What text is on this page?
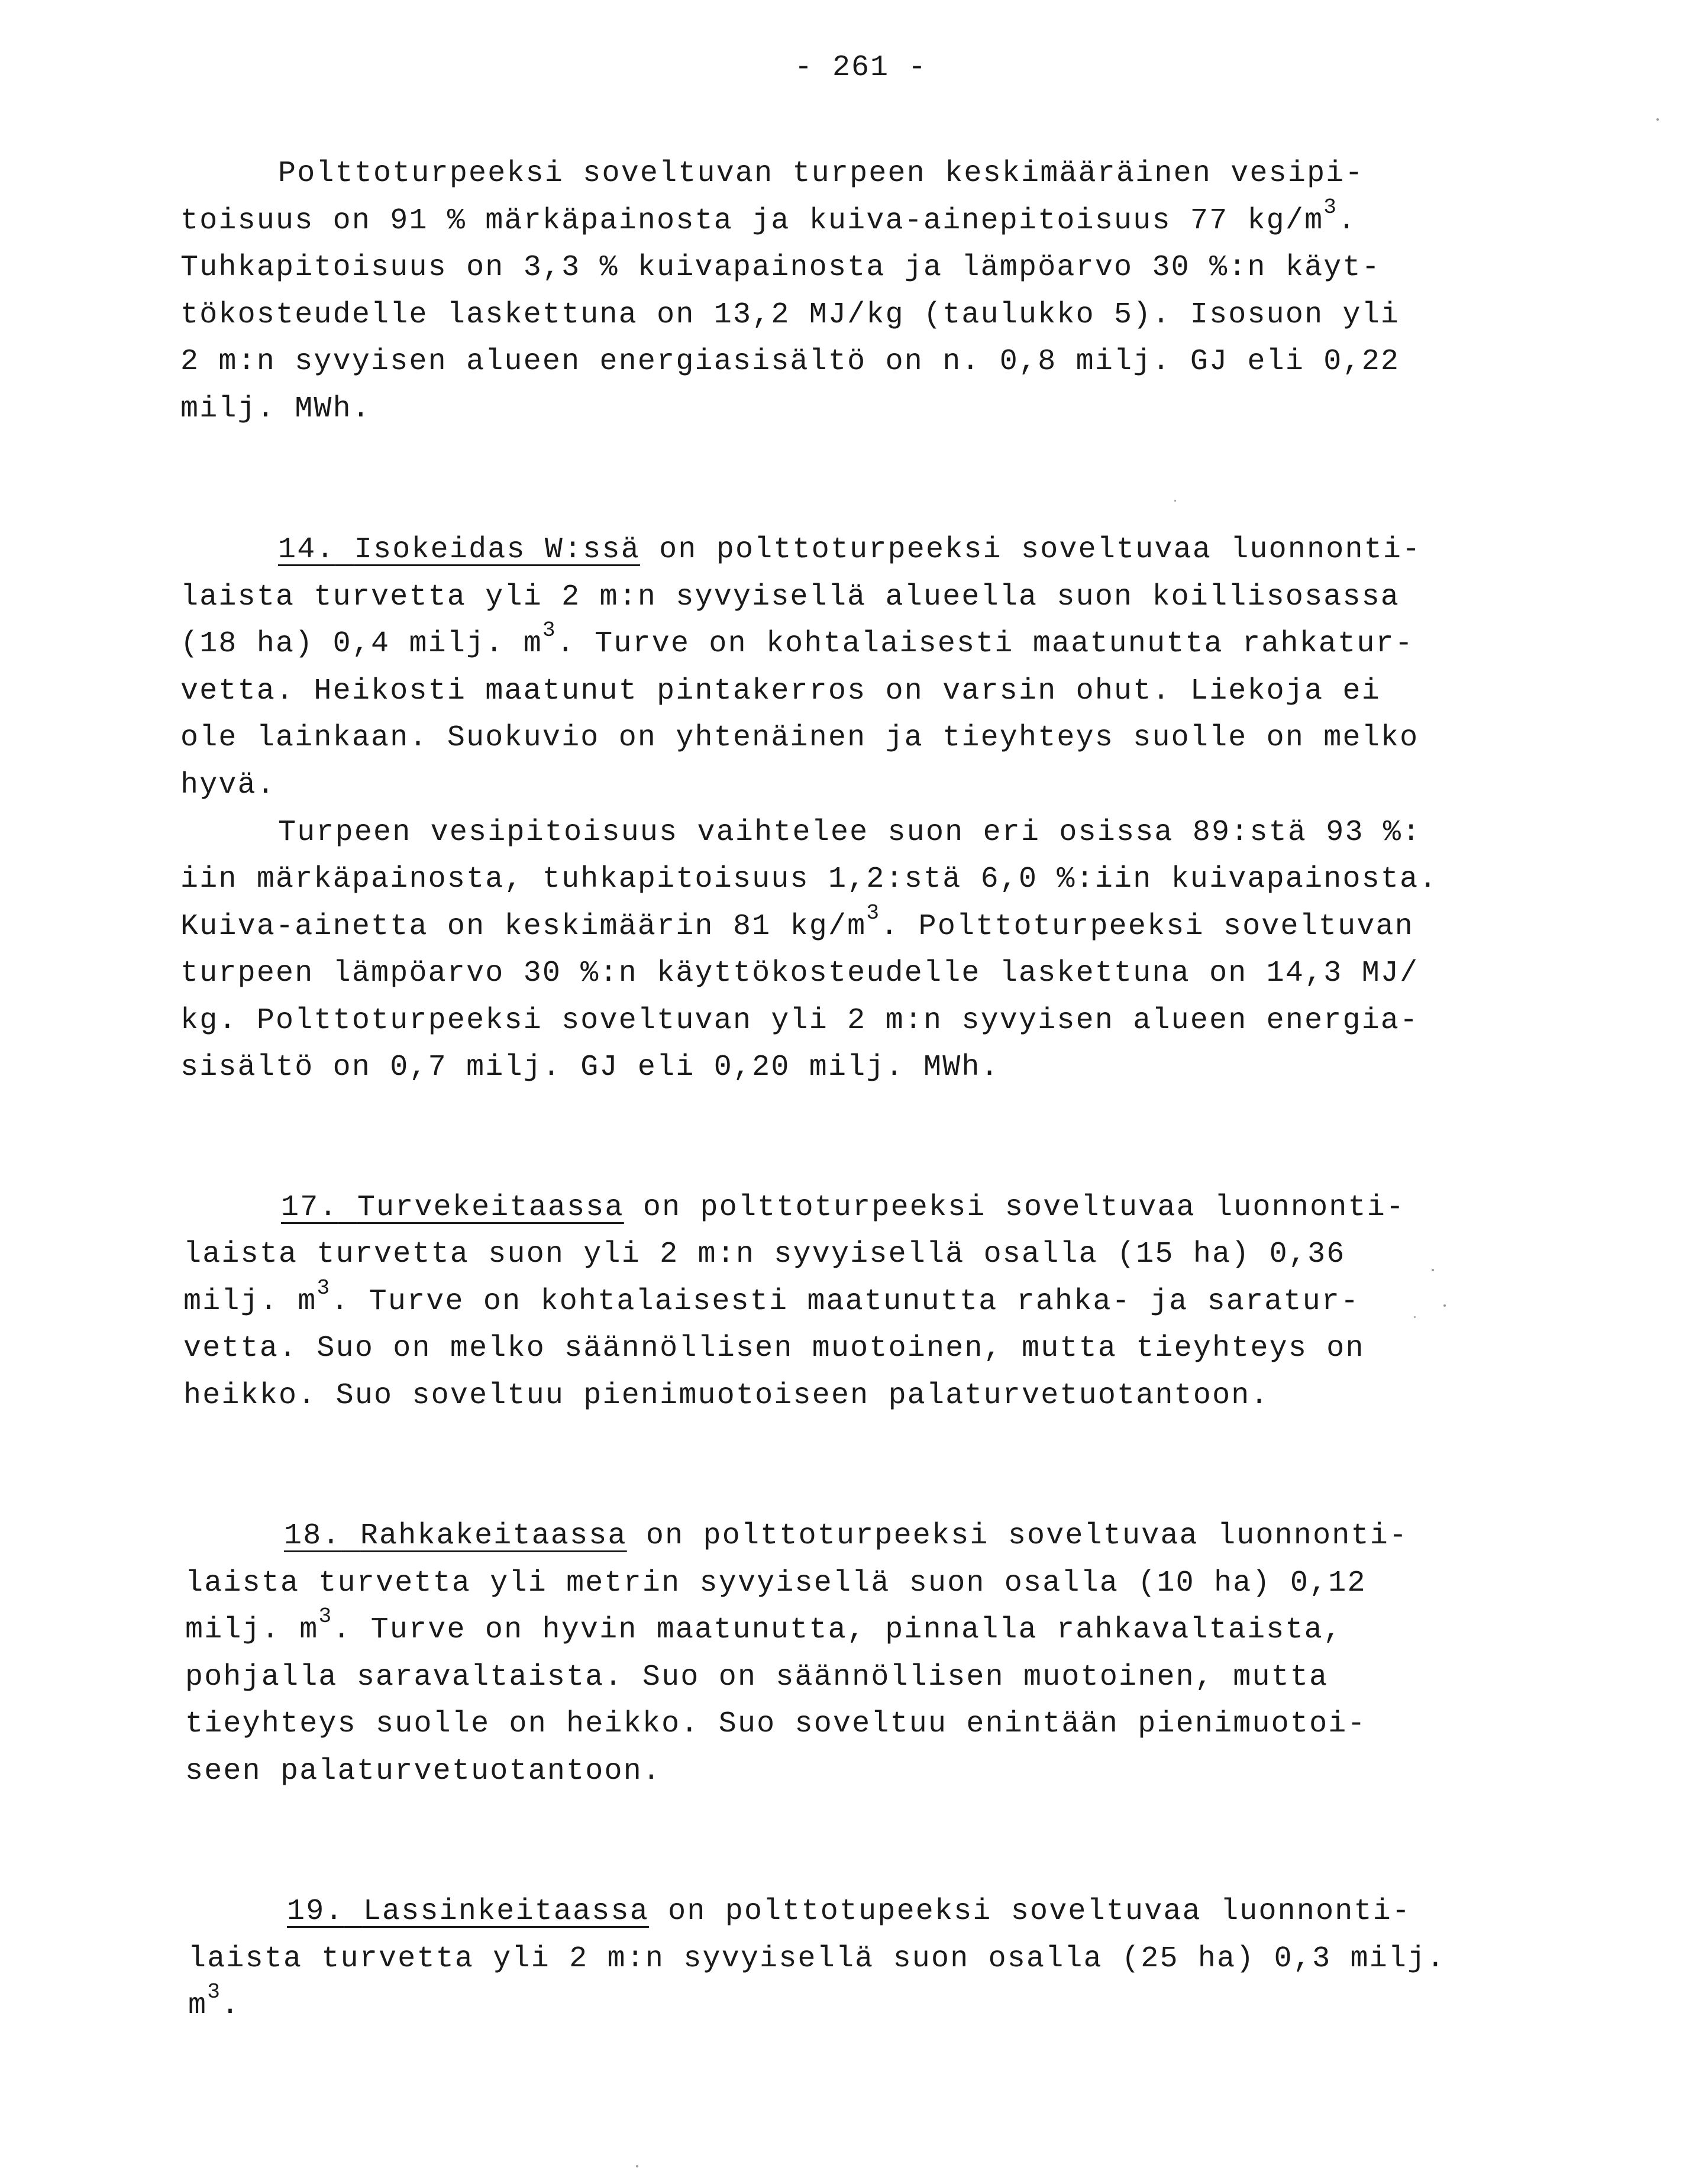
- 261 -
Polttoturpeeksi soveltuvan turpeen keskimääräinen vesipi-
toisuus on 91 % märkäpainosta ja kuiva-ainepitoisuus 77 $kg/m^3$.
Tuhkapitoisuus on 3,3 % kuivapainosta ja lämpöarvo 30 %:n käyt-
tökosteudelle laskettuna on 13,2 MJ/kg (taulukko 5). Isosuon yli
2 m:n syvyisen alueen energiasisältö on n. 0,8 milj. GJ eli 0,22
milj. MWh.
14. Isokeidas W:ssä on polttoturpeeksi soveltuvaa luonnonti-
laista turvetta yli 2 m:n syvyisellä alueella suon koillisosassa
(18 ha) 0,4 milj. $m^3$. Turve on kohtalaisesti maatunutta rahkatur-
vetta. Heikosti maatunut pintakerros on varsin ohut. Liekoja ei
ole lainkaan. Suokuvio on yhtenäinen ja tieyhteys suolle on melko
hyvä.
Turpeen vesipitoisuus vaihtelee suon eri osissa 89:stä 93 %:
iin märkäpainosta, tuhkapitoisuus 1,2:stä 6,0 %:iin kuivapainosta.
Kuiva-ainetta on keskimäärin 81 $kg/m^3$. Polttoturpeeksi soveltuvan
turpeen lämpöarvo 30 %:n käyttökosteudelle laskettuna on 14,3 MJ/
kg. Polttoturpeeksi soveltuvan yli 2 m:n syvyisen alueen energia-
sisältö on 0,7 milj. GJ eli 0,20 milj. MWh.
17. Turvekeitaassa on polttoturpeeksi soveltuvaa luonnonti-
laista turvetta suon yli 2 m:n syvyisellä osalla (15 ha) 0,36
milj. $m^3$. Turve on kohtalaisesti maatunutta rahka- ja saratur-
vetta. Suo on melko säännöllisen muotoinen, mutta tieyhteys on
heikko. Suo soveltuu pienimuotoiseen palaturvetuotantoon.
18. Rahkakeitaassa on polttoturpeeksi soveltuvaa luonnonti-
laista turvetta yli metrin syvyisellä suon osalla (10 ha) 0,12
milj. $m^3$. Turve on hyvin maatunutta, pinnalla rahkavaltaista,
pohjalla saravaltaista. Suo on säännöllisen muotoinen, mutta
tieyhteys suolle on heikko. Suo soveltuu enintään pienimuotoi-
seen palaturvetuotantoon.
19. Lassinkeitaassa on polttotupeeksi soveltuvaa luonnonti-
laista turvetta yli 2 m:n syvyisellä suon osalla (25 ha) 0,3 milj.
$m^3$.
